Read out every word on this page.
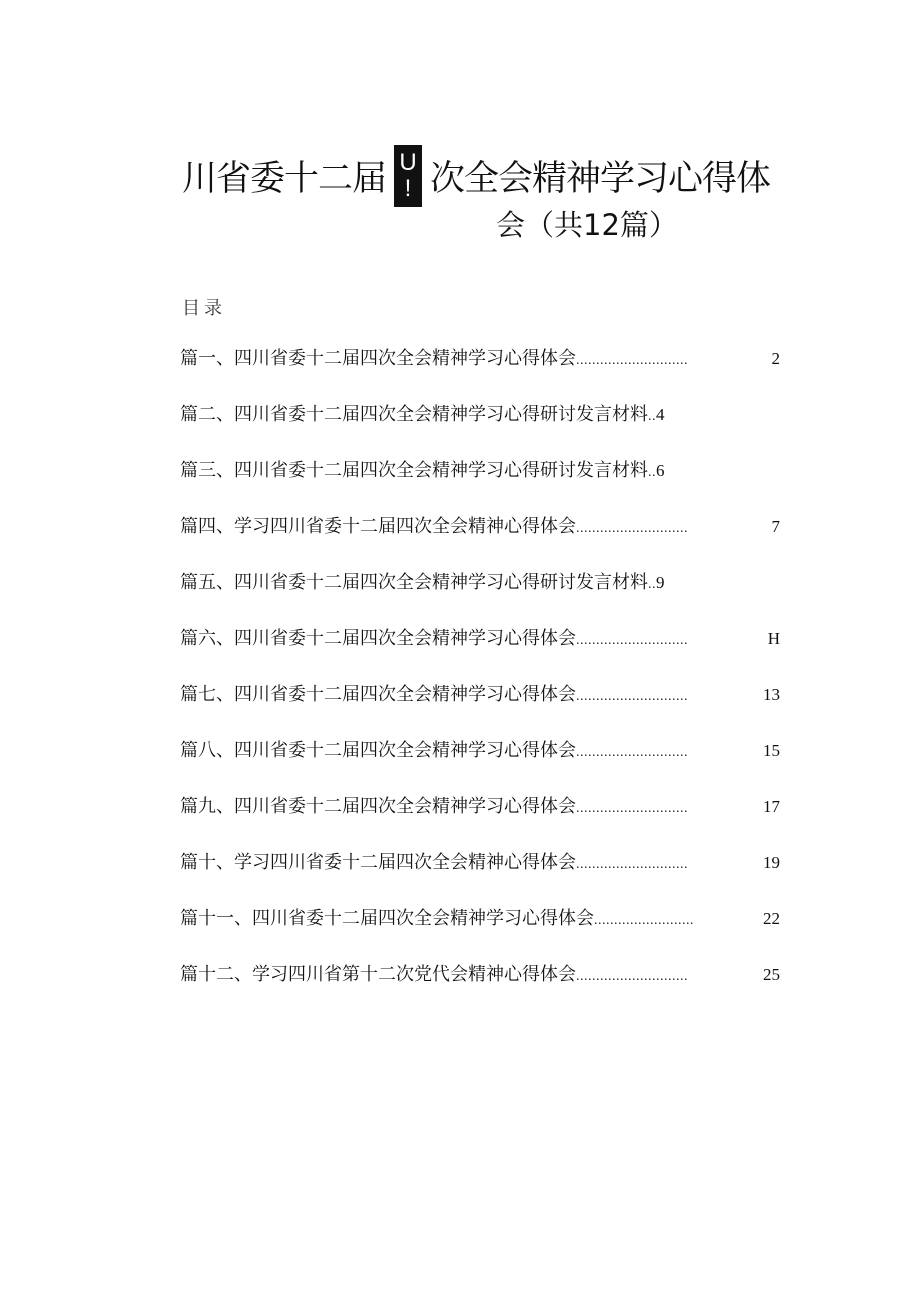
川省委十二届 U
! 次全会精神学习心得体
会（共12篇）
目录
篇一、四川省委十二届四次全会精神学习心得体会 ............................	2
篇二、四川省委十二届四次全会精神学习心得研讨发言材料 .. 4
篇三、四川省委十二届四次全会精神学习心得研讨发言材料 .. 6
篇四、学习四川省委十二届四次全会精神心得体会 ............................	7
篇五、四川省委十二届四次全会精神学习心得研讨发言材料 .. 9
篇六、四川省委十二届四次全会精神学习心得体会 ............................	H
篇七、四川省委十二届四次全会精神学习心得体会 ............................	13
篇八、四川省委十二届四次全会精神学习心得体会 ............................	15
篇九、四川省委十二届四次全会精神学习心得体会 ............................	17
篇十、学习四川省委十二届四次全会精神心得体会 ............................	19
篇十一、四川省委十二届四次全会精神学习心得体会 .........................	22
篇十二、学习四川省第十二次党代会精神心得体会 ............................	25
